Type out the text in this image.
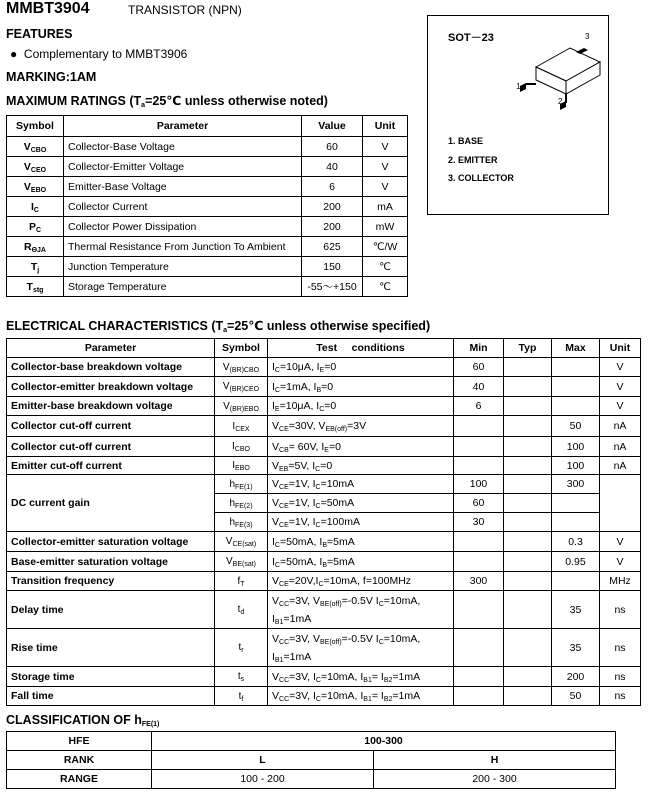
MMBT3904	TRANSISTOR (NPN)
FEATURES
● Complementary to MMBT3906
MARKING:1AM
MAXIMUM RATINGS ($T_a=25℃$ unless otherwise noted)
SOT－23	3
1
2
1. BASE
2. EMITTER
3. COLLECTOR
Symbol	Parameter	Value	Unit
$V_{CBO}$	Collector-Base Voltage	60	V
$V_{CEO}$	Collector-Emitter Voltage	40	V
$V_{EBO}$	Emitter-Base Voltage	6	V
$I_C$	Collector Current	200	mA
$P_C$	Collector Power Dissipation	200	mW
$R_{\Theta JA}$	Thermal Resistance From Junction To Ambient	625	℃/W
$T_j$	Junction Temperature	150	℃
$T_{stg}$	Storage Temperature	-55～+150	℃
ELECTRICAL CHARACTERISTICS ($T_a=25℃$ unless otherwise specified)
Parameter	Symbol	Test     conditions	Min	Typ	Max	Unit
Collector-base breakdown voltage	$V_{(BR)CBO}$	$I_C=10\mu A$, $I_E=0$	60			V
Collector-emitter breakdown voltage	$V_{(BR)CEO}$	$I_C=1mA$, $I_B=0$	40			V
Emitter-base breakdown voltage	$V_{(BR)EBO}$	$I_E=10\mu A$, $I_C=0$	6			V
Collector cut-off current	$I_{CEX}$	$V_{CE}=30V$, $V_{EB(off)}=3V$			50	nA
Collector cut-off current	$I_{CBO}$	$V_{CB}= 60V$, $I_E=0$			100	nA
Emitter cut-off current	$I_{EBO}$	$V_{EB}=5V$, $I_C=0$			100	nA
DC current gain	$h_{FE(1)}$	$V_{CE}=1V$, $I_C=10mA$	100		300	
	$h_{FE(2)}$	$V_{CE}=1V$, $I_C=50mA$	60			
	$h_{FE(3)}$	$V_{CE}=1V$, $I_C=100mA$	30			
Collector-emitter saturation voltage	$V_{CE(sat)}$	$I_C=50mA$, $I_B=5mA$			0.3	V
Base-emitter saturation voltage	$V_{BE(sat)}$	$I_C=50mA$, $I_B=5mA$			0.95	V
Transition frequency	$f_T$	$V_{CE}=20V,I_C=10mA$, f=100MHz	300			MHz
Delay time	$t_d$	$V_{CC}=3V$, $V_{BE(off)}=-0.5V$ $I_C=10mA$,
$I_{B1}=1mA$			35	ns
Rise time	$t_r$	$V_{CC}=3V$, $V_{BE(off)}=-0.5V$ $I_C=10mA$,
$I_{B1}=1mA$			35	ns
Storage time	$t_s$	$V_{CC}=3V$, $I_C=10mA$, $I_{B1}= I_{B2}=1mA$			200	ns
Fall time	$t_f$	$V_{CC}=3V$, $I_C=10mA$, $I_{B1}= I_{B2}=1mA$			50	ns
CLASSIFICATION OF $h_{FE(1)}$
HFE	100-300	
RANK	L	H
RANGE	100 - 200	200 - 300
